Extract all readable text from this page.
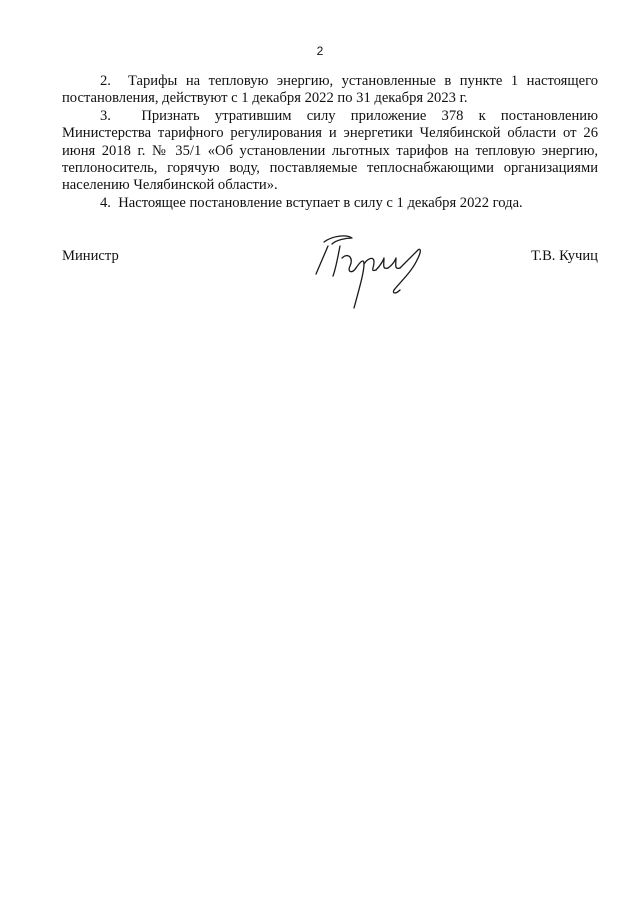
2

2. Тарифы на тепловую энергию, установленные в пункте 1 настоящего постановления, действуют с 1 декабря 2022 по 31 декабря 2023 г.

3. Признать утратившим силу приложение 378 к постановлению Министерства тарифного регулирования и энергетики Челябинской области от 26 июня 2018 г. № 35/1 «Об установлении льготных тарифов на тепловую энергию, теплоноситель, горячую воду, поставляемые теплоснабжающими организациями населению Челябинской области».

4. Настоящее постановление вступает в силу с 1 декабря 2022 года.

Министр	Т.В. Кучиц
